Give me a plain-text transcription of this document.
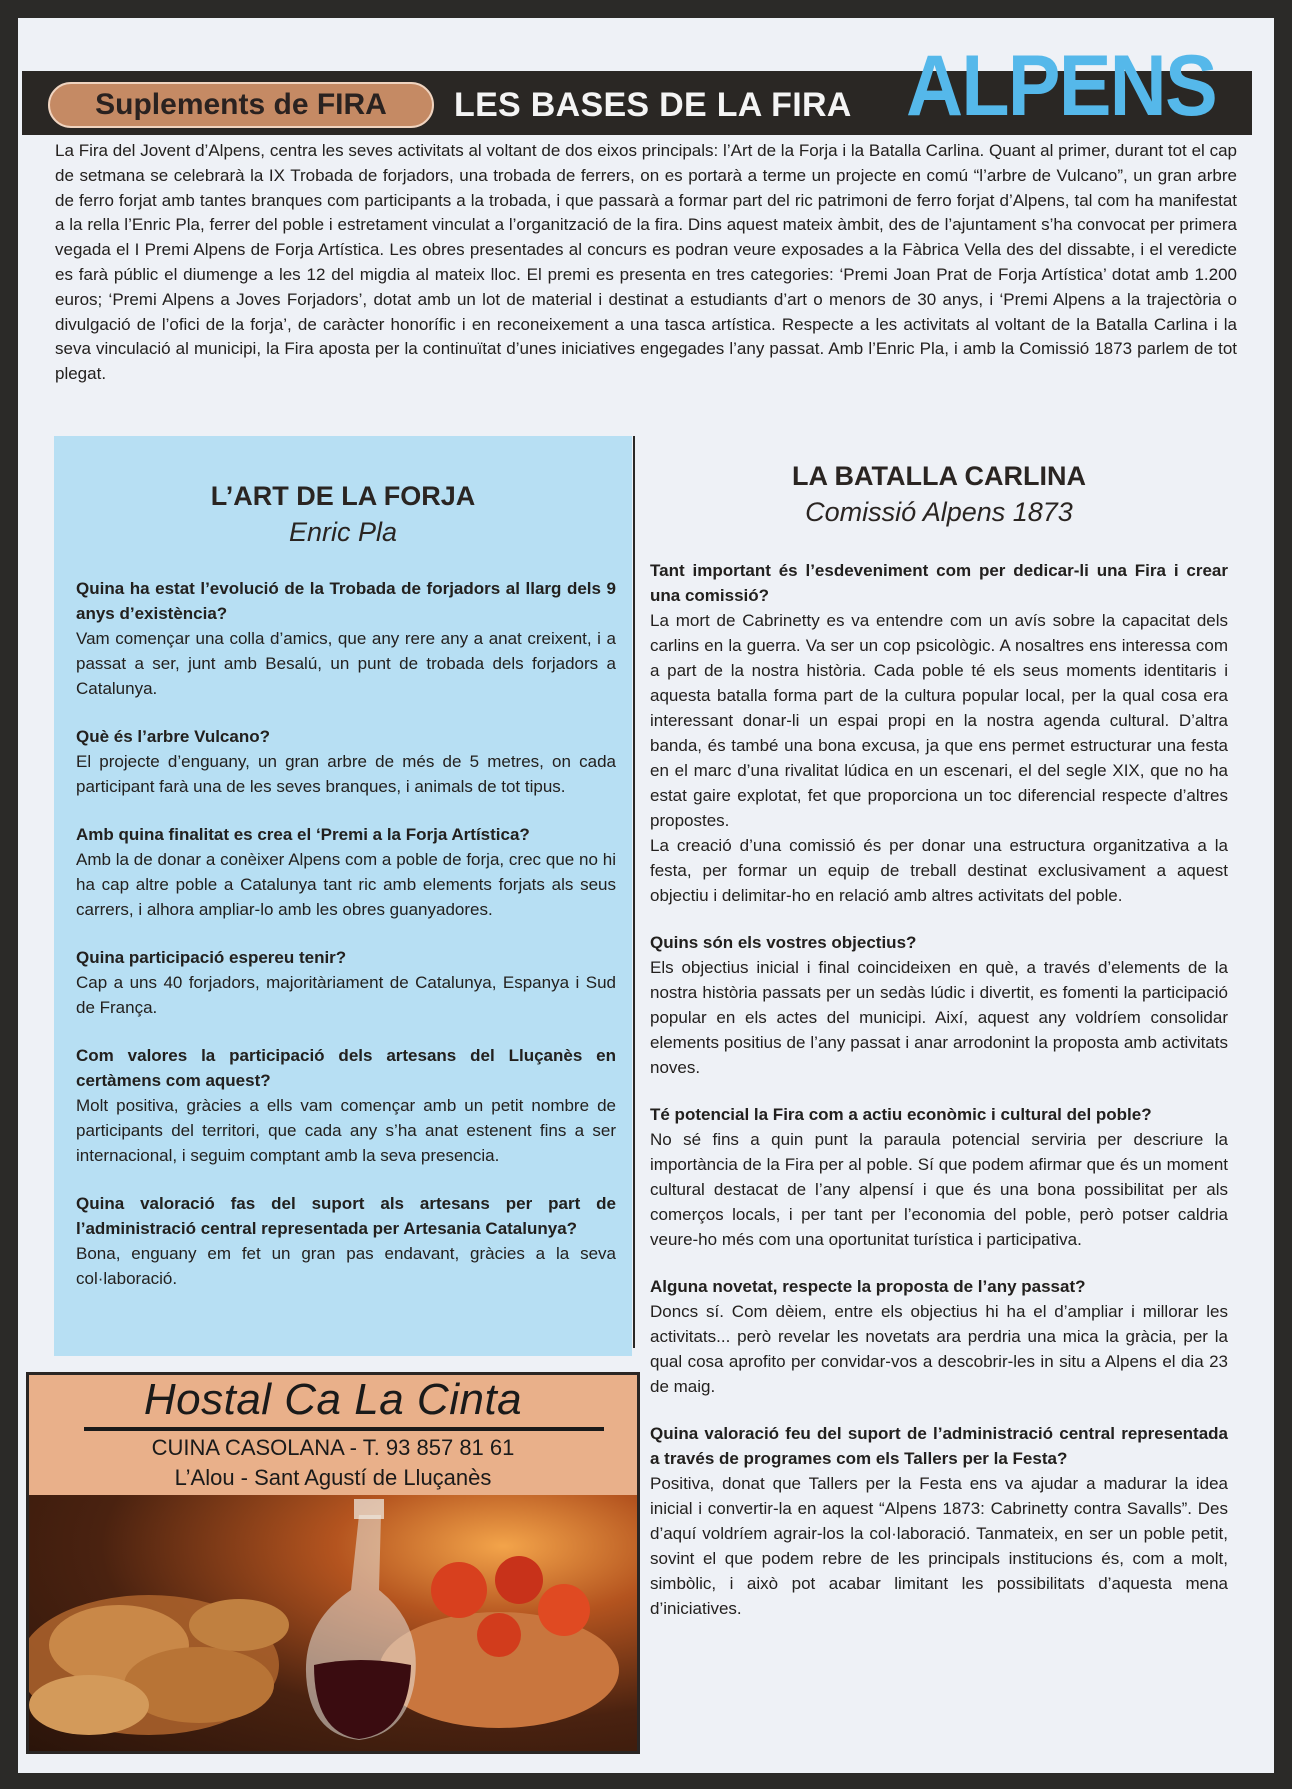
Suplements de FIRA	LES BASES DE LA FIRA ALPENS

La Fira del Jovent d’Alpens, centra les seves activitats al voltant de dos eixos principals: l’Art de la Forja i la Batalla Carlina. Quant al primer, durant tot el cap de setmana se celebrarà la IX Trobada de forjadors, una trobada de ferrers, on es portarà a terme un projecte en comú “l’arbre de Vulcano”, un gran arbre de ferro forjat amb tantes branques com participants a la trobada, i que passarà a formar part del ric patrimoni de ferro forjat d’Alpens, tal com ha manifestat a la rella l’Enric Pla, ferrer del poble i estretament vinculat a l’organització de la fira. Dins aquest mateix àmbit, des de l’ajuntament s’ha convocat per primera vegada el I Premi Alpens de Forja Artística. Les obres presentades al concurs es podran veure exposades a la Fàbrica Vella des del dissabte, i el veredicte es farà públic el diumenge a les 12 del migdia al mateix lloc. El premi es presenta en tres categories: ‘Premi Joan Prat de Forja Artística’ dotat amb 1.200 euros; ‘Premi Alpens a Joves Forjadors’, dotat amb un lot de material i destinat a estudiants d’art o menors de 30 anys, i ‘Premi Alpens a la trajectòria o divulgació de l’ofici de la forja’, de caràcter honorífic i en reconeixement a una tasca artística. Respecte a les activitats al voltant de la Batalla Carlina i la seva vinculació al municipi, la Fira aposta per la continuïtat d’unes iniciatives engegades l’any passat. Amb l’Enric Pla, i amb la Comissió 1873 parlem de tot plegat.

L’ART DE LA FORJA
Enric Pla

Quina ha estat l’evolució de la Trobada de forjadors al llarg dels 9 anys d’existència?

Vam començar una colla d’amics, que any rere any a anat creixent, i a passat a ser, junt amb Besalú, un punt de trobada dels forjadors a Catalunya.

Què és l’arbre Vulcano?

El projecte d’enguany, un gran arbre de més de 5 metres, on cada participant farà una de les seves branques, i animals de tot tipus.

Amb quina finalitat es crea el ‘Premi a la Forja Artística?

Amb la de donar a conèixer Alpens com a poble de forja, crec que no hi ha cap altre poble a Catalunya tant ric amb elements forjats als seus carrers, i alhora ampliar-lo amb les obres guanyadores.

Quina participació espereu tenir?

Cap a uns 40 forjadors, majoritàriament de Catalunya, Espanya i Sud de França.

Com valores la participació dels artesans del Lluçanès en certàmens com aquest?

Molt positiva, gràcies a ells vam començar amb un petit nombre de participants del territori, que cada any s’ha anat estenent fins a ser internacional, i seguim comptant amb la seva presencia.

Quina valoració fas del suport als artesans per part de l’administració central representada per Artesania Catalunya?

Bona, enguany em fet un gran pas endavant, gràcies a la seva col·laboració.

LA BATALLA CARLINA
Comissió Alpens 1873

Tant important és l’esdeveniment com per dedicar-li una Fira i crear una comissió?

La mort de Cabrinetty es va entendre com un avís sobre la capacitat dels carlins en la guerra. Va ser un cop psicològic. A nosaltres ens interessa com a part de la nostra història. Cada poble té els seus moments identitaris i aquesta batalla forma part de la cultura popular local, per la qual cosa era interessant donar-li un espai propi en la nostra agenda cultural. D’altra banda, és també una bona excusa, ja que ens permet estructurar una festa en el marc d’una rivalitat lúdica en un escenari, el del segle XIX, que no ha estat gaire explotat, fet que proporciona un toc diferencial respecte d’altres propostes.

La creació d’una comissió és per donar una estructura organitzativa a la festa, per formar un equip de treball destinat exclusivament a aquest objectiu i delimitar-ho en relació amb altres activitats del poble.

Quins són els vostres objectius?

Els objectius inicial i final coincideixen en què, a través d’elements de la nostra història passats per un sedàs lúdic i divertit, es fomenti la participació popular en els actes del municipi. Així, aquest any voldríem consolidar elements positius de l’any passat i anar arrodonint la proposta amb activitats noves.

Té potencial la Fira com a actiu econòmic i cultural del poble?

No sé fins a quin punt la paraula potencial serviria per descriure la importància de la Fira per al poble. Sí que podem afirmar que és un moment cultural destacat de l’any alpensí i que és una bona possibilitat per als comerços locals, i per tant per l’economia del poble, però potser caldria veure-ho més com una oportunitat turística i participativa.

Alguna novetat, respecte la proposta de l’any passat?

Doncs sí. Com dèiem, entre els objectius hi ha el d’ampliar i millorar les activitats... però revelar les novetats ara perdria una mica la gràcia, per la qual cosa aprofito per convidar-vos a descobrir-les in situ a Alpens el dia 23 de maig.

Quina valoració feu del suport de l’administració central representada a través de programes com els Tallers per la Festa?

Positiva, donat que Tallers per la Festa ens va ajudar a madurar la idea inicial i convertir-la en aquest “Alpens 1873: Cabrinetty contra Savalls”. Des d’aquí voldríem agrair-los la col·laboració. Tanmateix, en ser un poble petit, sovint el que podem rebre de les principals institucions és, com a molt, simbòlic, i això pot acabar limitant les possibilitats d’aquesta mena d’iniciatives.

Hostal Ca La Cinta
CUINA CASOLANA - T. 93 857 81 61
L’Alou - Sant Agustí de Lluçanès
